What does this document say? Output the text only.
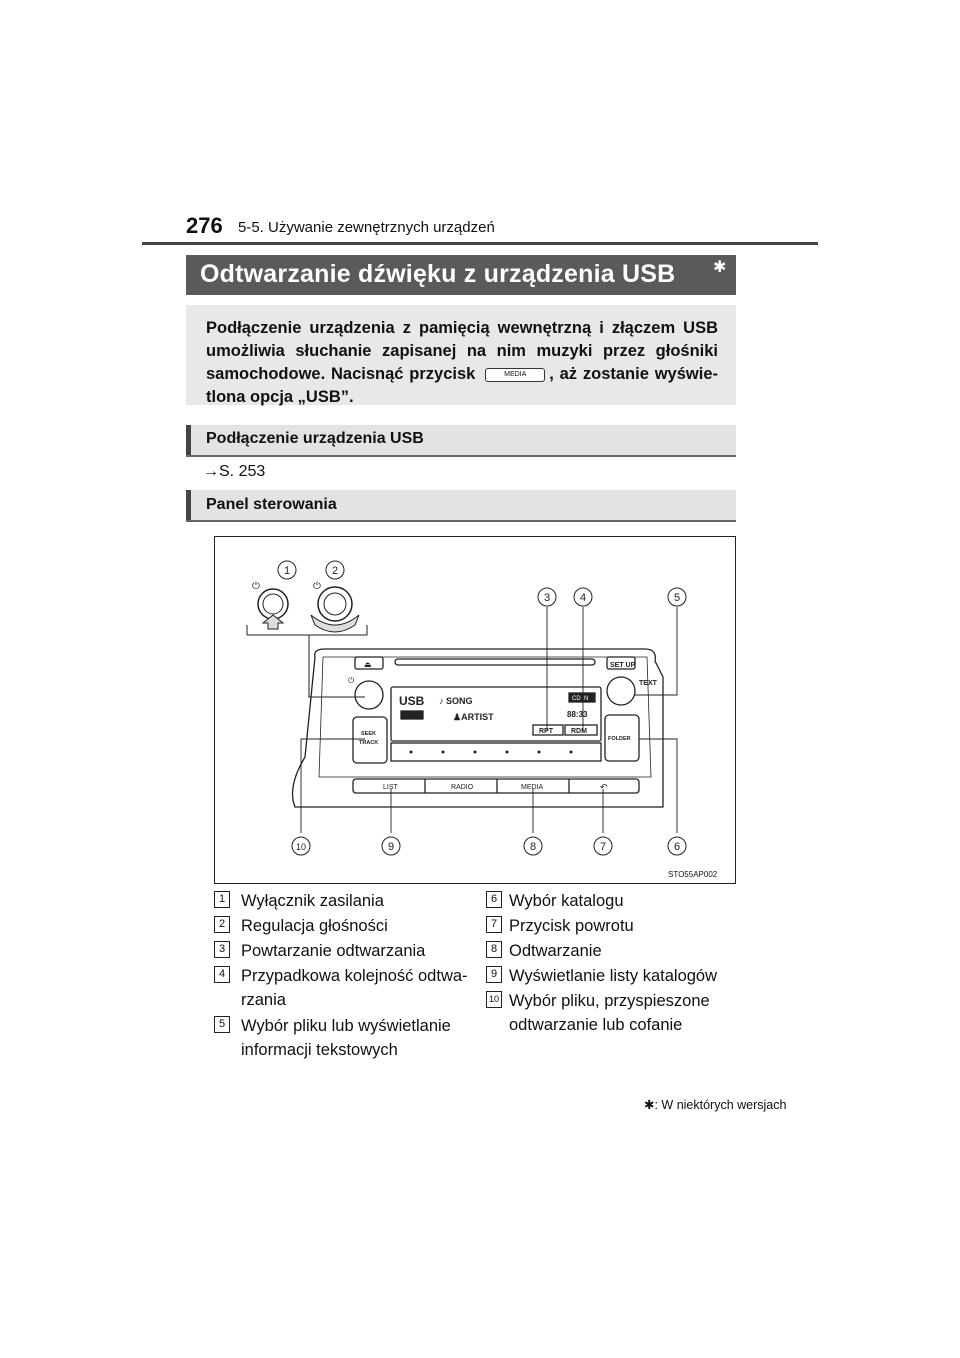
276 5-5. Używanie zewnętrznych urządzeń
Odtwarzanie dźwięku z urządzenia USB ✱
Podłączenie urządzenia z pamięcią wewnętrzną i złączem USB umożliwia słuchanie zapisanej na nim muzyki przez głośniki samochodowe. Nacisnąć przycisk	MEDIA , aż zostanie wyświe-tlona opcja „USB”.
Podłączenie urządzenia USB
→S. 253
Panel sterowania
⏻	⏻
⏏	SET UP
⏻	TEXT
USB ♪ SONG
♟ARTIST
CD IN
88:33
RPT	RDM
SEEK
TRACK
FOLDER
LIST	RADIO	MEDIA	↶
1	2
3	4	5
6
7
8
9
10
STO55AP002
1 Wyłącznik zasilania
2 Regulacja głośności
3 Powtarzanie odtwarzania
4 Przypadkowa kolejność odtwa-
rzania
5 Wybór pliku lub wyświetlanie
informacji tekstowych
6 Wybór katalogu
7 Przycisk powrotu
8 Odtwarzanie
9 Wyświetlanie listy katalogów
10 Wybór pliku, przyspieszone
odtwarzanie lub cofanie
✱: W niektórych wersjach
